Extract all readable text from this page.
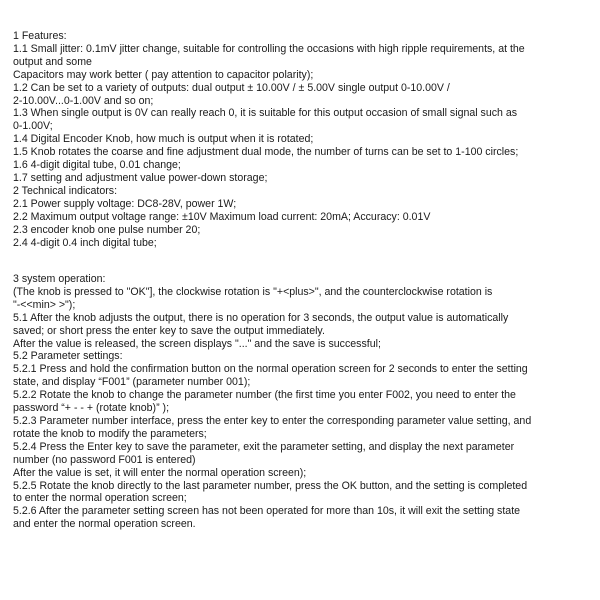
1 Features:
1.1 Small jitter: 0.1mV jitter change, suitable for controlling the occasions with high ripple requirements, at the
output and some
Capacitors may work better ( pay attention to capacitor polarity);
1.2 Can be set to a variety of outputs: dual output ± 10.00V / ± 5.00V single output 0-10.00V /
2-10.00V...0-1.00V and so on;
1.3 When single output is 0V can really reach 0, it is suitable for this output occasion of small signal such as
0-1.00V;
1.4 Digital Encoder Knob, how much is output when it is rotated;
1.5 Knob rotates the coarse and fine adjustment dual mode, the number of turns can be set to 1-100 circles;
1.6 4-digit digital tube, 0.01 change;
1.7 setting and adjustment value power-down storage;
2 Technical indicators:
2.1 Power supply voltage: DC8-28V, power 1W;
2.2 Maximum output voltage range: ±10V Maximum load current: 20mA; Accuracy: 0.01V
2.3 encoder knob one pulse number 20;
2.4 4-digit 0.4 inch digital tube;
3 system operation:
(The knob is pressed to "OK"], the clockwise rotation is "+<plus>", and the counterclockwise rotation is
"-<<min> >");
5.1 After the knob adjusts the output, there is no operation for 3 seconds, the output value is automatically
saved; or short press the enter key to save the output immediately.
After the value is released, the screen displays "..." and the save is successful;
5.2 Parameter settings:
5.2.1 Press and hold the confirmation button on the normal operation screen for 2 seconds to enter the setting
state, and display “F001” (parameter number 001);
5.2.2 Rotate the knob to change the parameter number (the first time you enter F002, you need to enter the
password “+ - - + (rotate knob)” );
5.2.3 Parameter number interface, press the enter key to enter the corresponding parameter value setting, and
rotate the knob to modify the parameters;
5.2.4 Press the Enter key to save the parameter, exit the parameter setting, and display the next parameter
number (no password F001 is entered)
After the value is set, it will enter the normal operation screen);
5.2.5 Rotate the knob directly to the last parameter number, press the OK button, and the setting is completed
to enter the normal operation screen;
5.2.6 After the parameter setting screen has not been operated for more than 10s, it will exit the setting state
and enter the normal operation screen.
